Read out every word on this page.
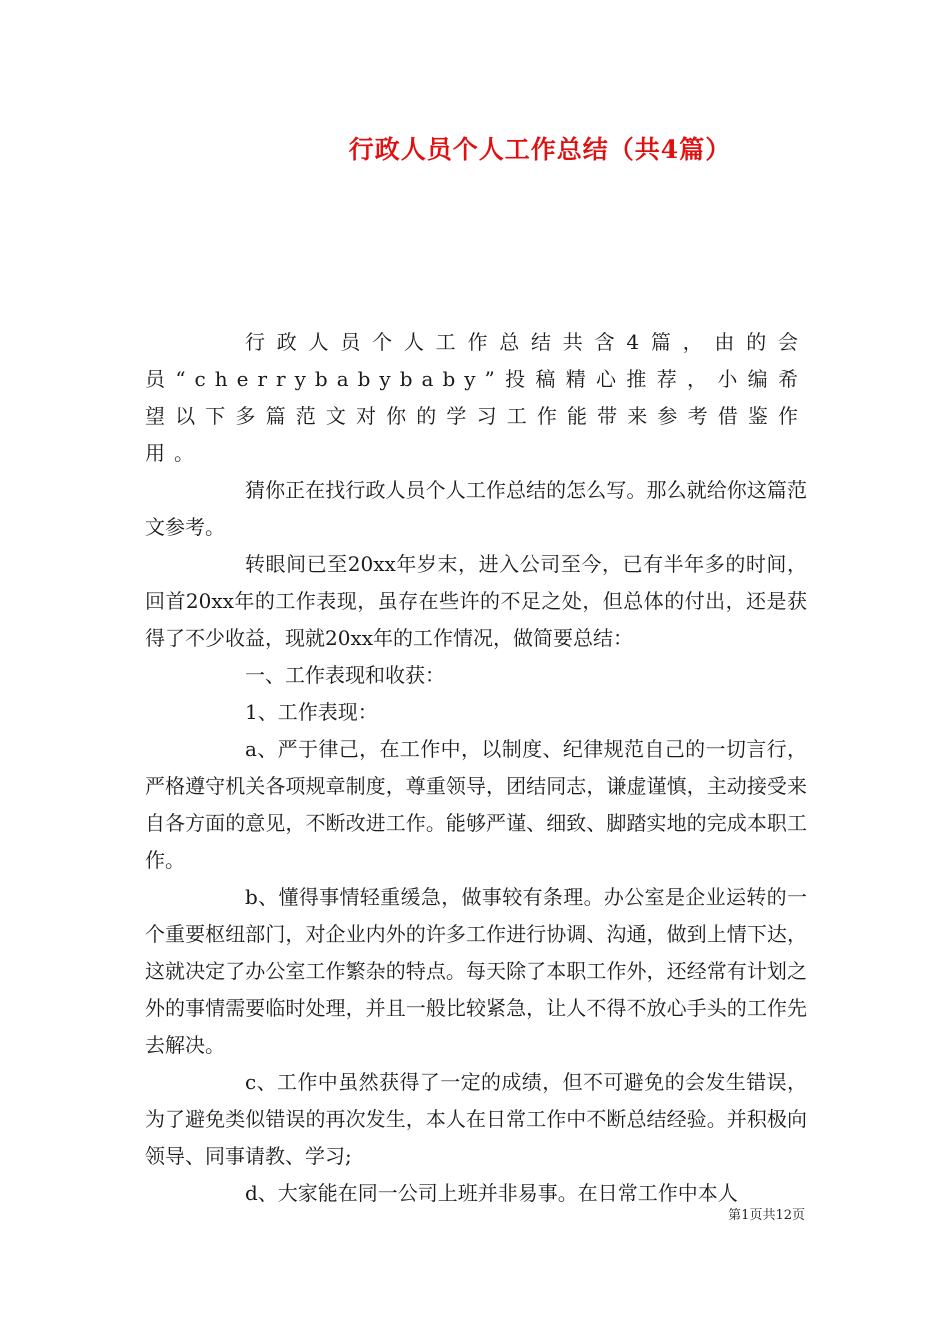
行政人员个人工作总结（共4篇）

行政人员个人工作总结共含4篇，由的会员“cherrybabybaby”投稿精心推荐，小编希望以下多篇范文对你的学习工作能带来参考借鉴作用。

猜你正在找行政人员个人工作总结的怎么写。那么就给你这篇范文参考。

转眼间已至20xx年岁末，进入公司至今，已有半年多的时间，回首20xx年的工作表现，虽存在些许的不足之处，但总体的付出，还是获得了不少收益，现就20xx年的工作情况，做简要总结：

一、工作表现和收获：

1、工作表现：

a、严于律己，在工作中，以制度、纪律规范自己的一切言行，严格遵守机关各项规章制度，尊重领导，团结同志，谦虚谨慎，主动接受来自各方面的意见，不断改进工作。能够严谨、细致、脚踏实地的完成本职工作。

b、懂得事情轻重缓急，做事较有条理。办公室是企业运转的一个重要枢纽部门，对企业内外的许多工作进行协调、沟通，做到上情下达，这就决定了办公室工作繁杂的特点。每天除了本职工作外，还经常有计划之外的事情需要临时处理，并且一般比较紧急，让人不得不放心手头的工作先去解决。

c、工作中虽然获得了一定的成绩，但不可避免的会发生错误，为了避免类似错误的再次发生，本人在日常工作中不断总结经验。并积极向领导、同事请教、学习;

d、大家能在同一公司上班并非易事。在日常工作中本人

第1页共12页
